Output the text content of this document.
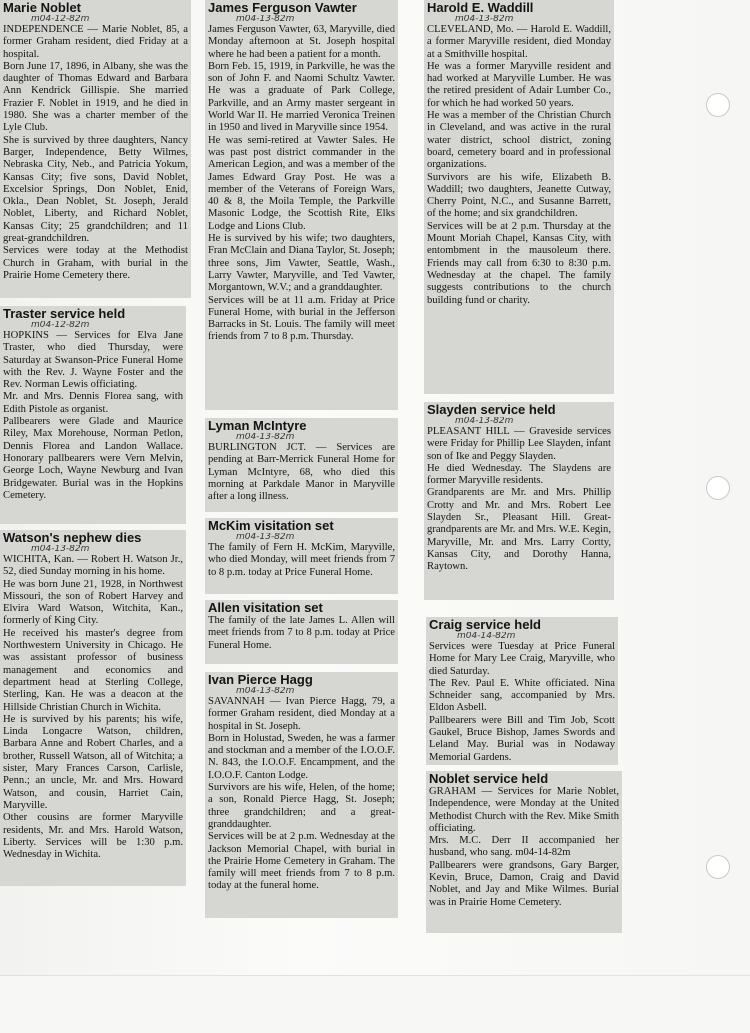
Marie Noblet
m04-12-82m
INDEPENDENCE — Marie Noblet, 85, a former Graham resident, died Friday at a hospital.
Born June 17, 1896, in Albany, she was the daughter of Thomas Edward and Barbara Ann Kendrick Gillispie. She married Frazier F. Noblet in 1919, and he died in 1980. She was a charter member of the Lyle Club.
She is survived by three daughters, Nancy Barger, Independence, Betty Wilmes, Nebraska City, Neb., and Patricia Yokum, Kansas City; five sons, David Noblet, Excelsior Springs, Don Noblet, Enid, Okla., Dean Noblet, St. Joseph, Jerald Noblet, Liberty, and Richard Noblet, Kansas City; 25 grandchildren; and 11 great-grandchildren.
Services were today at the Methodist Church in Graham, with burial in the Prairie Home Cemetery there.
Traster service held
m04-12-82m
HOPKINS — Services for Elva Jane Traster, who died Thursday, were Saturday at Swanson-Price Funeral Home with the Rev. J. Wayne Foster and the Rev. Norman Lewis officiating.
Mr. and Mrs. Dennis Florea sang, with Edith Pistole as organist.
Pallbearers were Glade and Maurice Riley, Max Morehouse, Norman Petlon, Dennis Florea and Landon Wallace. Honorary pallbearers were Vern Melvin, George Loch, Wayne Newburg and Ivan Bridgewater. Burial was in the Hopkins Cemetery.
Watson's nephew dies
m04-13-82m
WICHITA, Kan. — Robert H. Watson Jr., 52, died Sunday morning in his home.
He was born June 21, 1928, in Northwest Missouri, the son of Robert Harvey and Elvira Ward Watson, Witchita, Kan., formerly of King City.
He received his master's degree from Northwestern University in Chicago. He was assistant professor of business management and economics and department head at Sterling College, Sterling, Kan. He was a deacon at the Hillside Christian Church in Wichita.
He is survived by his parents; his wife, Linda Longacre Watson, children, Barbara Anne and Robert Charles, and a brother, Russell Watson, all of Witchita; a sister, Mary Frances Carson, Carlisle, Penn.; an uncle, Mr. and Mrs. Howard Watson, and cousin, Harriet Cain, Maryville.
Other cousins are former Maryville residents, Mr. and Mrs. Harold Watson, Liberty. Services will be 1:30 p.m. Wednesday in Wichita.
James Ferguson Vawter
m04-13-82m
James Ferguson Vawter, 63, Maryville, died Monday afternoon at St. Joseph hospital where he had been a patient for a month.
Born Feb. 15, 1919, in Parkville, he was the son of John F. and Naomi Schultz Vawter. He was a graduate of Park College, Parkville, and an Army master sergeant in World War II. He married Veronica Treinen in 1950 and lived in Maryville since 1954.
He was semi-retired at Vawter Sales. He was past post district commander in the American Legion, and was a member of the James Edward Gray Post. He was a member of the Veterans of Foreign Wars, 40 & 8, the Moila Temple, the Parkville Masonic Lodge, the Scottish Rite, Elks Lodge and Lions Club.
He is survived by his wife; two daughters, Fran McClain and Diana Taylor, St. Joseph; three sons, Jim Vawter, Seattle, Wash., Larry Vawter, Maryville, and Ted Vawter, Morgantown, W.V.; and a granddaughter.
Services will be at 11 a.m. Friday at Price Funeral Home, with burial in the Jefferson Barracks in St. Louis. The family will meet friends from 7 to 8 p.m. Thursday.
Lyman McIntyre
m04-13-82m
BURLINGTON JCT. — Services are pending at Barr-Merrick Funeral Home for Lyman McIntyre, 68, who died this morning at Parkdale Manor in Maryville after a long illness.
McKim visitation set
m04-13-82m
The family of Fern H. McKim, Maryville, who died Monday, will meet friends from 7 to 8 p.m. today at Price Funeral Home.
Allen visitation set
The family of the late James L. Allen will meet friends from 7 to 8 p.m. today at Price Funeral Home.
Ivan Pierce Hagg
m04-13-82m
SAVANNAH — Ivan Pierce Hagg, 79, a former Graham resident, died Monday at a hospital in St. Joseph.
Born in Holustad, Sweden, he was a farmer and stockman and a member of the I.O.O.F. N. 843, the I.O.O.F. Encampment, and the I.O.O.F. Canton Lodge.
Survivors are his wife, Helen, of the home; a son, Ronald Pierce Hagg, St. Joseph; three grandchildren; and a great-granddaughter.
Services will be at 2 p.m. Wednesday at the Jackson Memorial Chapel, with burial in the Prairie Home Cemetery in Graham. The family will meet friends from 7 to 8 p.m. today at the funeral home.
Harold E. Waddill
m04-13-82m
CLEVELAND, Mo. — Harold E. Waddill, a former Maryville resident, died Monday at a Smithville hospital.
He was a former Maryville resident and had worked at Maryville Lumber. He was the retired president of Adair Lumber Co., for which he had worked 50 years.
He was a member of the Christian Church in Cleveland, and was active in the rural water district, school district, zoning board, cemetery board and in professional organizations.
Survivors are his wife, Elizabeth B. Waddill; two daughters, Jeanette Cutway, Cherry Point, N.C., and Susanne Barrett, of the home; and six grandchildren.
Services will be at 2 p.m. Thursday at the Mount Moriah Chapel, Kansas City, with entombment in the mausoleum there. Friends may call from 6:30 to 8:30 p.m. Wednesday at the chapel. The family suggests contributions to the church building fund or charity.
Slayden service held
m04-13-82m
PLEASANT HILL — Graveside services were Friday for Phillip Lee Slayden, infant son of Ike and Peggy Slayden.
He died Wednesday. The Slaydens are former Maryville residents.
Grandparents are Mr. and Mrs. Phillip Crotty and Mr. and Mrs. Robert Lee Slayden Sr., Pleasant Hill. Great-grandparents are Mr. and Mrs. W.E. Kegin, Maryville, Mr. and Mrs. Larry Cortty, Kansas City, and Dorothy Hanna, Raytown.
Craig service held
m04-14-82m
Services were Tuesday at Price Funeral Home for Mary Lee Craig, Maryville, who died Saturday.
The Rev. Paul E. White officiated. Nina Schneider sang, accompanied by Mrs. Eldon Asbell.
Pallbearers were Bill and Tim Job, Scott Gaukel, Bruce Bishop, James Swords and Leland May. Burial was in Nodaway Memorial Gardens.
Noblet service held
GRAHAM — Services for Marie Noblet, Independence, were Monday at the United Methodist Church with the Rev. Mike Smith officiating.
Mrs. M.C. Derr II accompanied her husband, who sang. m04-14-82m
Pallbearers were grandsons, Gary Barger, Kevin, Bruce, Damon, Craig and David Noblet, and Jay and Mike Wilmes. Burial was in Prairie Home Cemetery.
